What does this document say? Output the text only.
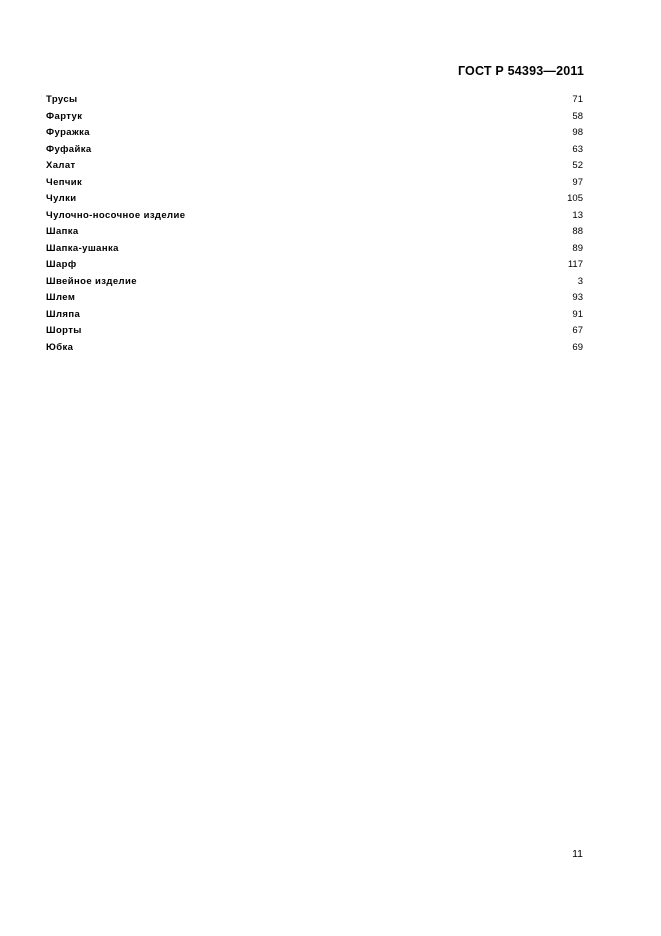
ГОСТ Р 54393—2011
Трусы	71
Фартук	58
Фуражка	98
Фуфайка	63
Халат	52
Чепчик	97
Чулки	105
Чулочно-носочное изделие	13
Шапка	88
Шапка-ушанка	89
Шарф	117
Швейное изделие	3
Шлем	93
Шляпа	91
Шорты	67
Юбка	69
11
